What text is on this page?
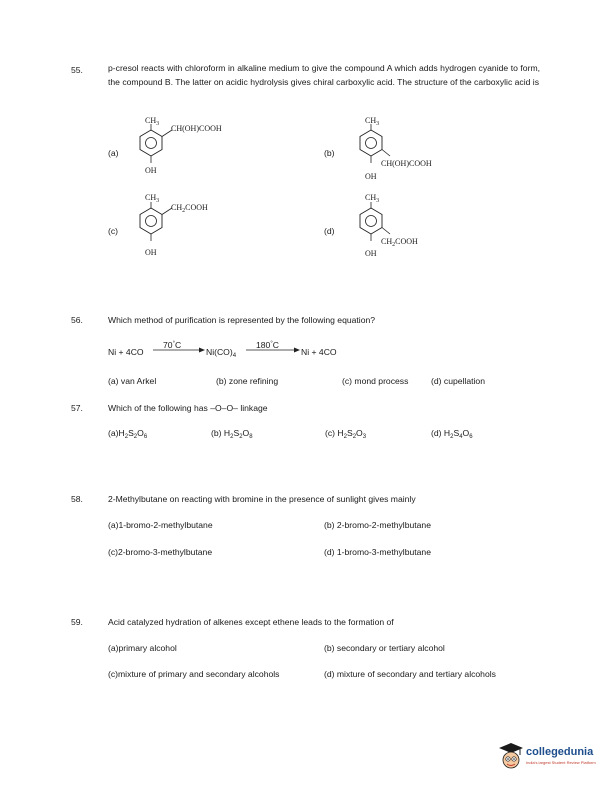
55.	p-cresol reacts with chloroform in alkaline medium to give the compound A which adds hydrogen cyanide to form, the compound B. The latter on acidic hydrolysis gives chiral carboxylic acid. The structure of the carboxylic acid is
(a)
$CH_3$ CH(OH)COOH
OH
(b)
$CH_3$
CH(OH)COOH
OH
(c)
$CH_3$
$CH_2COOH$
OH
(d)
$CH_3$
$CH_2COOH$
OH
56.	Which method of purification is represented by the following equation?
Ni + 4CO
70°C
$Ni(CO)_4$
180°C
Ni + 4CO
(a) van Arkel	(b) zone refining	(c) mond process	(d) cupellation
57.	Which of the following has –O–O– linkage
$(a)H_2S_2O_6$	(b) $H_2S_2O_8$	(c) $H_2S_2O_3$	(d) $H_2S_4O_6$
58.	2-Methylbutane on reacting with bromine in the presence of sunlight gives mainly
(a)1-bromo-2-methylbutane	(b) 2-bromo-2-methylbutane
(c)2-bromo-3-methylbutane	(d) 1-bromo-3-methylbutane
59.	Acid catalyzed hydration of alkenes except ethene leads to the formation of
(a)primary alcohol	(b) secondary or tertiary alcohol
(c)mixture of primary and secondary alcohols	(d) mixture of secondary and tertiary alcohols
collegedunia
India's largest Student Review Platform
